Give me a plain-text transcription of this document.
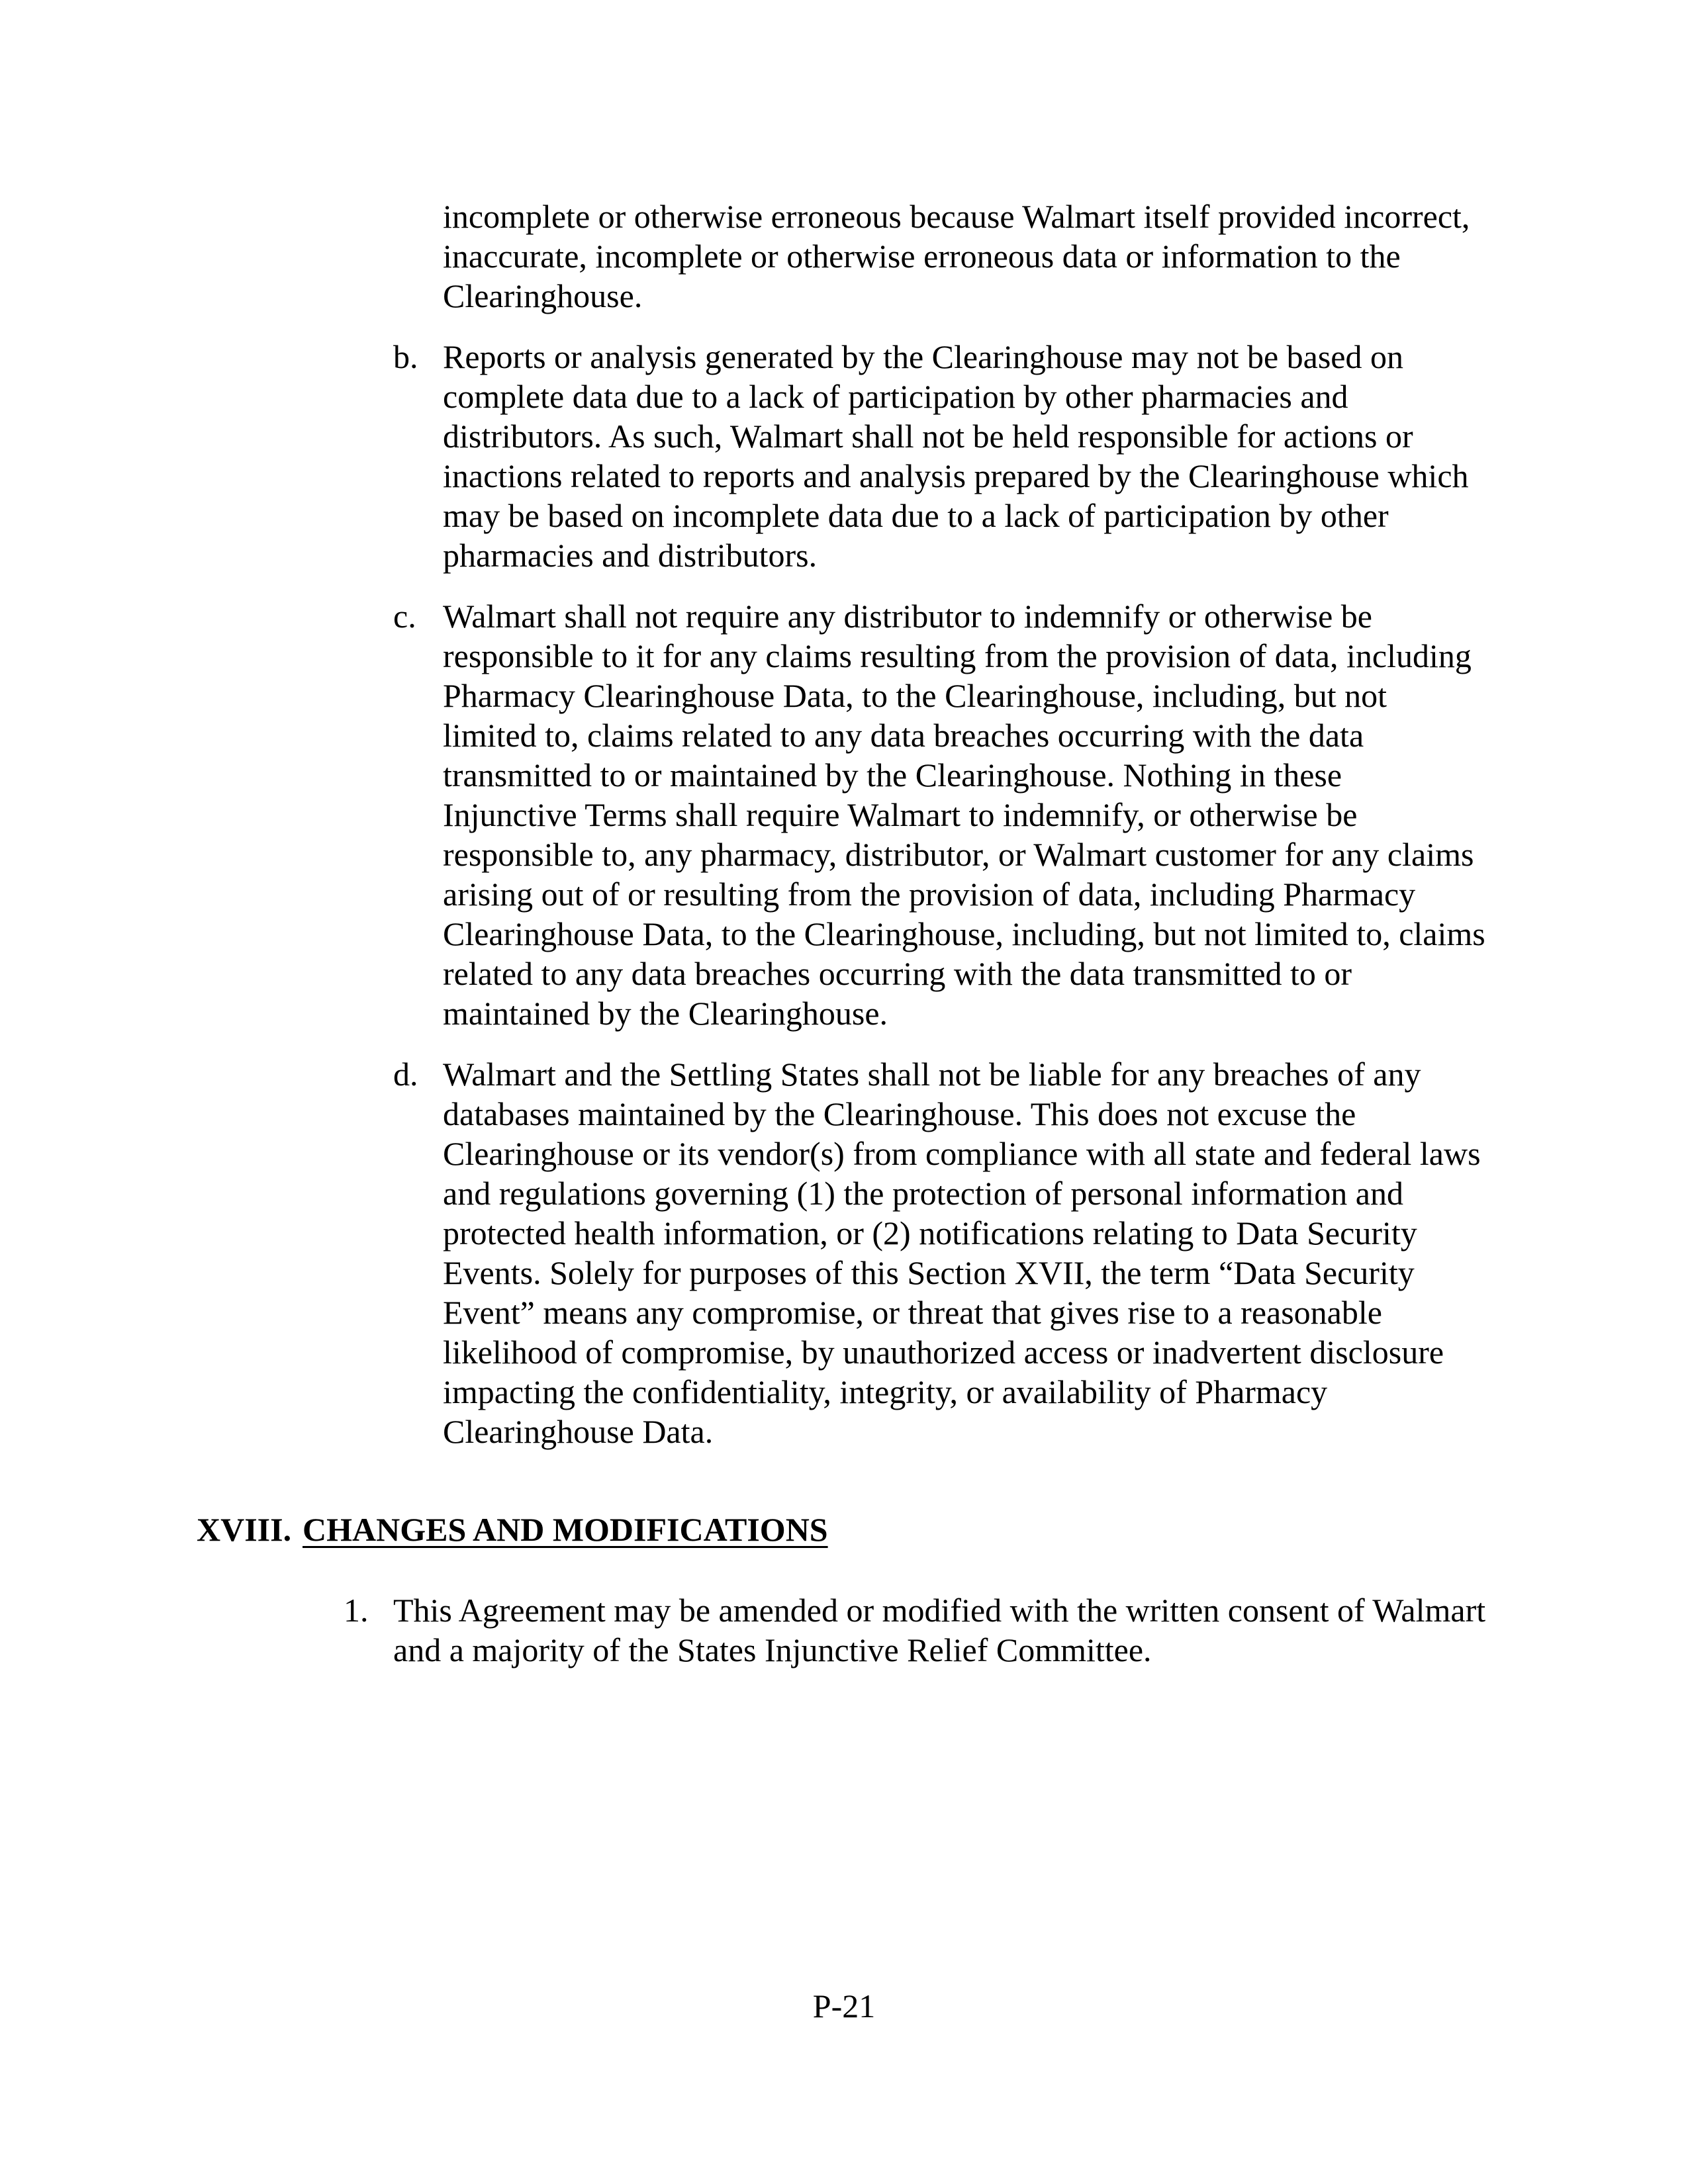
incomplete or otherwise erroneous because Walmart itself provided incorrect,
inaccurate, incomplete or otherwise erroneous data or information to the
Clearinghouse.
b. Reports or analysis generated by the Clearinghouse may not be based on
complete data due to a lack of participation by other pharmacies and
distributors. As such, Walmart shall not be held responsible for actions or
inactions related to reports and analysis prepared by the Clearinghouse which
may be based on incomplete data due to a lack of participation by other
pharmacies and distributors.
c. Walmart shall not require any distributor to indemnify or otherwise be
responsible to it for any claims resulting from the provision of data, including
Pharmacy Clearinghouse Data, to the Clearinghouse, including, but not
limited to, claims related to any data breaches occurring with the data
transmitted to or maintained by the Clearinghouse. Nothing in these
Injunctive Terms shall require Walmart to indemnify, or otherwise be
responsible to, any pharmacy, distributor, or Walmart customer for any claims
arising out of or resulting from the provision of data, including Pharmacy
Clearinghouse Data, to the Clearinghouse, including, but not limited to, claims
related to any data breaches occurring with the data transmitted to or
maintained by the Clearinghouse.
d. Walmart and the Settling States shall not be liable for any breaches of any
databases maintained by the Clearinghouse. This does not excuse the
Clearinghouse or its vendor(s) from compliance with all state and federal laws
and regulations governing (1) the protection of personal information and
protected health information, or (2) notifications relating to Data Security
Events. Solely for purposes of this Section XVII, the term “Data Security
Event” means any compromise, or threat that gives rise to a reasonable
likelihood of compromise, by unauthorized access or inadvertent disclosure
impacting the confidentiality, integrity, or availability of Pharmacy
Clearinghouse Data.
XVIII. CHANGES AND MODIFICATIONS
1. This Agreement may be amended or modified with the written consent of Walmart
and a majority of the States Injunctive Relief Committee.
P-21
